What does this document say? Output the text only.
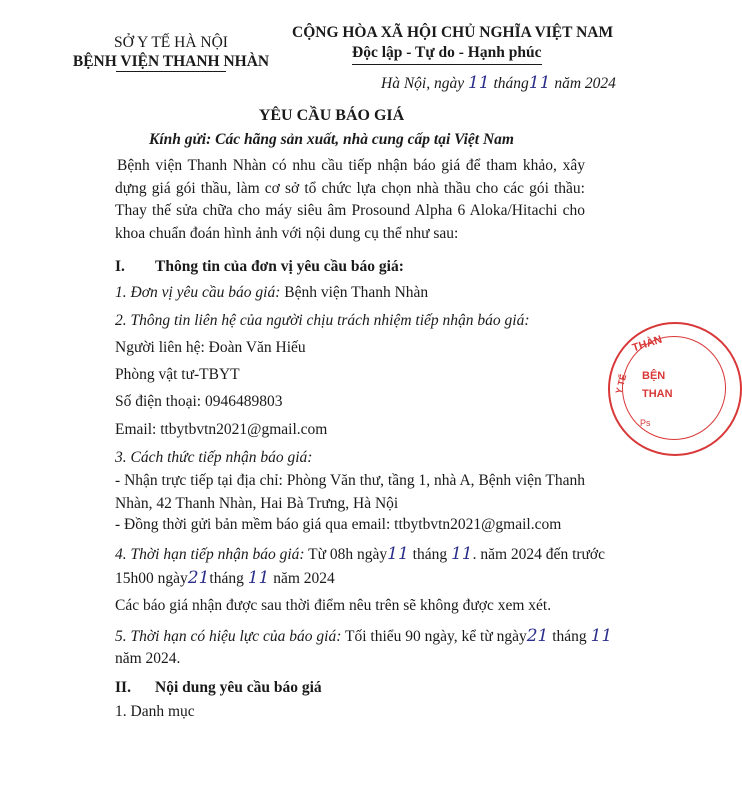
SỞ Y TẾ HÀ NỘI
BỆNH VIỆN THANH NHÀN
CỘNG HÒA XÃ HỘI CHỦ NGHĨA VIỆT NAM
Độc lập - Tự do - Hạnh phúc
Hà Nội, ngày 11 tháng11 năm 2024
YÊU CẦU BÁO GIÁ
Kính gửi: Các hãng sản xuất, nhà cung cấp tại Việt Nam
Bệnh viện Thanh Nhàn có nhu cầu tiếp nhận báo giá để tham khảo, xây dựng giá gói thầu, làm cơ sở tổ chức lựa chọn nhà thầu cho các gói thầu: Thay thế sửa chữa cho máy siêu âm Prosound Alpha 6 Aloka/Hitachi cho khoa chuẩn đoán hình ảnh với nội dung cụ thể như sau:
I. Thông tin của đơn vị yêu cầu báo giá:
1. Đơn vị yêu cầu báo giá: Bệnh viện Thanh Nhàn
2. Thông tin liên hệ của người chịu trách nhiệm tiếp nhận báo giá:
Người liên hệ: Đoàn Văn Hiếu
Phòng vật tư-TBYT
Số điện thoại: 0946489803
Email: ttbytbvtn2021@gmail.com
3. Cách thức tiếp nhận báo giá:
- Nhận trực tiếp tại địa chỉ: Phòng Văn thư, tầng 1, nhà A, Bệnh viện Thanh Nhàn, 42 Thanh Nhàn, Hai Bà Trưng, Hà Nội
- Đồng thời gửi bản mềm báo giá qua email: ttbytbvtn2021@gmail.com
4. Thời hạn tiếp nhận báo giá: Từ 08h ngày11 tháng 11. năm 2024 đến trước
15h00 ngày21tháng 11 năm 2024
Các báo giá nhận được sau thời điểm nêu trên sẽ không được xem xét.
5. Thời hạn có hiệu lực của báo giá: Tối thiểu 90 ngày, kể từ ngày21 tháng 11
năm 2024.
II. Nội dung yêu cầu báo giá
1. Danh mục
THÀN
Y TẾ BỆN
THAN
Ps
